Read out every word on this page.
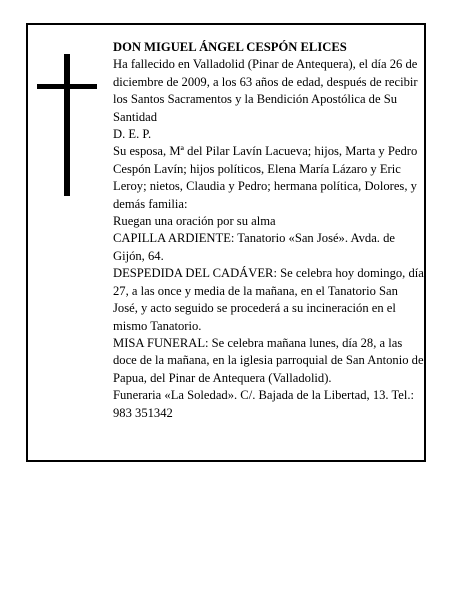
DON MIGUEL ÁNGEL CESPÓN ELICES

Ha fallecido en Valladolid (Pinar de Antequera), el día 26 de diciembre de 2009, a los 63 años de edad, después de recibir los Santos Sacramentos y la Bendición Apostólica de Su Santidad

D. E. P.

Su esposa, Mª del Pilar Lavín Lacueva; hijos, Marta y Pedro Cespón Lavín; hijos políticos, Elena María Lázaro y Eric Leroy; nietos, Claudia y Pedro; hermana política, Dolores, y demás familia:

Ruegan una oración por su alma

CAPILLA ARDIENTE: Tanatorio «San José». Avda. de Gijón, 64.

DESPEDIDA DEL CADÁVER: Se celebra hoy domingo, día 27, a las once y media de la mañana, en el Tanatorio San José, y acto seguido se procederá a su incineración en el mismo Tanatorio.

MISA FUNERAL: Se celebra mañana lunes, día 28, a las doce de la mañana, en la iglesia parroquial de San Antonio de Papua, del Pinar de Antequera (Valladolid).

Funeraria «La Soledad». C/. Bajada de la Libertad, 13. Tel.: 983 351342
